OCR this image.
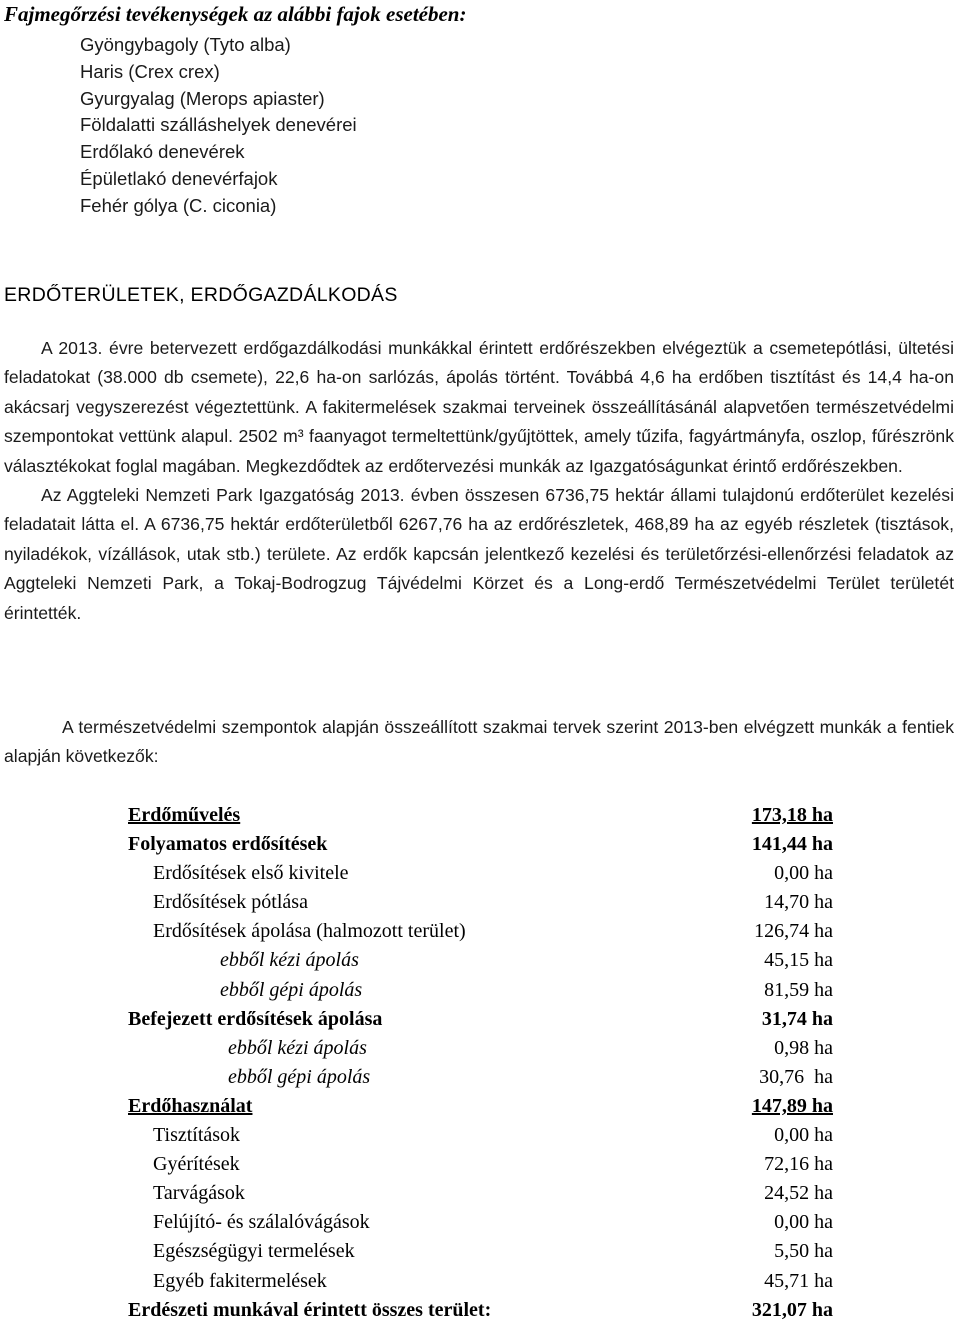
Fajmegőrzési tevékenységek az alábbi fajok esetében:
Gyöngybagoly (Tyto alba)
Haris (Crex crex)
Gyurgyalag (Merops apiaster)
Földalatti szálláshelyek denevérei
Erdőlakó denevérek
Épületlakó denevérfajok
Fehér gólya (C. ciconia)
ERDŐTERÜLETEK, ERDŐGAZDÁLKODÁS

A 2013. évre betervezett erdőgazdálkodási munkákkal érintett erdőrészekben elvégeztük a csemetepótlási, ültetési feladatokat (38.000 db csemete), 22,6 ha-on sarlózás, ápolás történt. Továbbá 4,6 ha erdőben tisztítást és 14,4 ha-on akácsarj vegyszerezést végeztettünk. A fakitermelések szakmai terveinek összeállításánál alapvetően természetvédelmi szempontokat vettünk alapul. 2502 m³ faanyagot termeltettünk/gyűjtöttek, amely tűzifa, fagyártmányfa, oszlop, fűrészrönk választékokat foglal magában. Megkezdődtek az erdőtervezési munkák az Igazgatóságunkat érintő erdőrészekben.

Az Aggteleki Nemzeti Park Igazgatóság 2013. évben összesen 6736,75 hektár állami tulajdonú erdőterület kezelési feladatait látta el. A 6736,75 hektár erdőterületből 6267,76 ha az erdőrészletek, 468,89 ha az egyéb részletek (tisztások, nyiladékok, vízállások, utak stb.) területe. Az erdők kapcsán jelentkező kezelési és területőrzési-ellenőrzési feladatok az Aggteleki Nemzeti Park, a Tokaj-Bodrogzug Tájvédelmi Körzet és a Long-erdő Természetvédelmi Terület területét érintették.

A természetvédelmi szempontok alapján összeállított szakmai tervek szerint 2013-ben elvégzett munkák a fentiek alapján következők:

Erdőművelés	173,18 ha
Folyamatos erdősítések	141,44 ha
Erdősítések első kivitele	0,00 ha
Erdősítések pótlása	14,70 ha
Erdősítések ápolása (halmozott terület)	126,74 ha
ebből kézi ápolás	45,15 ha
ebből gépi ápolás	81,59 ha
Befejezett erdősítések ápolása	31,74 ha
ebből kézi ápolás	0,98 ha
ebből gépi ápolás	30,76  ha
Erdőhasználat	147,89 ha
Tisztítások	0,00 ha
Gyérítések	72,16 ha
Tarvágások	24,52 ha
Felújító- és szálalóvágások	0,00 ha
Egészségügyi termelések	5,50 ha
Egyéb fakitermelések	45,71 ha
Erdészeti munkával érintett összes terület:	321,07 ha
